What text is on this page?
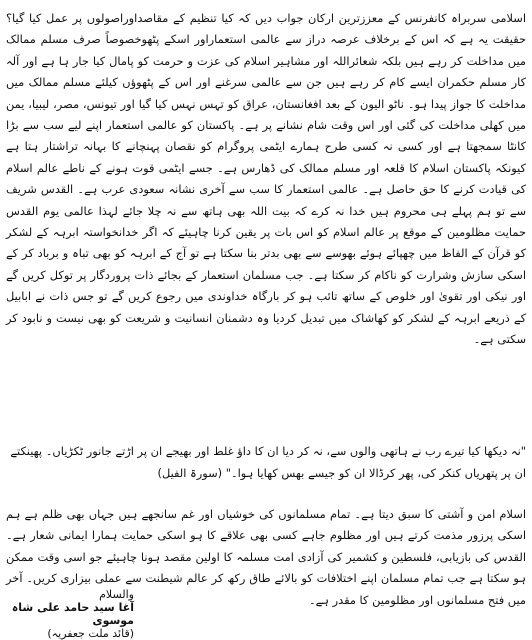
اسلامی سربراہ کانفرنس کے معززترین ارکان جواب دیں کہ کیا تنظیم کے مقاصداوراصولوں پر عمل کیا گیا؟ حقیقت یہ ہے کہ اس کے برخلاف عرصہ دراز سے عالمی استعماراور اسکے پٹھوخصوصاً صرف مسلم ممالک میں مداخلت کر رہے ہیں بلکہ شعائراللہ اور مشاہیر اسلام کی عزت و حرمت کو پامال کیا جار ہا ہے اور آلہ کار مسلم حکمران ایسے کام کر رہے ہیں جن سے عالمی سرغنے اور اس کے پٹھوؤں کیلئے مسلم ممالک میں مداخلت کا جواز پیدا ہو۔ ناٹو الیون کے بعد افغانستان، عراق کو تہس نہس کیا گیا اور تیونس، مصر، لیبیا، یمن میں کھلی مداخلت کی گئی اور اس وقت شام نشانے پر ہے۔ پاکستان کو عالمی استعمار اپنے لیے سب سے بڑا کانٹا سمجھتا ہے اور کسی نہ کسی طرح ہمارے ایٹمی پروگرام کو نقصان پہنچانے کا بہانہ تراشتار ہتا ہے کیونکہ پاکستان اسلام کا قلعہ اور مسلم ممالک کی ڈھارس ہے۔ جسے ایٹمی قوت ہونے کے ناطے عالم اسلام کی قیادت کرنے کا حق حاصل ہے۔ عالمی استعمار کا سب سے آخری نشانہ سعودی عرب ہے۔ القدس شریف سے تو ہم پہلے ہی محروم ہیں خدا نہ کرے کہ بیت اللہ بھی ہاتھ سے نہ چلا جائے لہذا عالمی یوم القدس حمایت مظلومین کے موقع پر عالم اسلام کو اس بات پر یقین کرنا چاہیئے کہ اگر خدانخواستہ ابرہہ کے لشکر کو قرآن کے الفاظ میں چھپائے ہوئے بھوسے سے بھی بدتر بنا سکتا ہے تو آج کے ابرہہ کو بھی تباہ و برباد کر کے اسکی سازش وشرارت کو ناکام کر سکتا ہے۔ جب مسلمان استعمار کے بجائے ذات پروردگار پر توکل کریں گے اور نیکی اور تقویٰ اور خلوص کے ساتھ تائب ہو کر بارگاہ خداوندی میں رجوع کریں گے تو جس ذات نے ابابیل کے ذریعے ابرہہ کے لشکر کو کھاشاک میں تبدیل کردیا وہ دشمنان انسانیت و شریعت کو بھی نیست و نابود کر سکتی ہے۔

"نہ دیکھا کیا تیرے رب نے ہاتھی والوں سے، نہ کر دیا ان کا داؤ غلط اور بھیجے ان پر اڑتے جانور ٹکڑیاں۔ پھینکتے ان پر پتھریاں کنکر کی، پھر کرڈالا ان کو جیسے بھس کھایا ہوا۔" (سورۃ الفیل)

اسلام امن و آشتی کا سبق دیتا ہے۔ تمام مسلمانوں کی خوشیاں اور غم سانجھے ہیں جہاں بھی ظلم ہے ہم اسکی پرزور مذمت کرتے ہیں اور مظلوم جاہے کسی بھی علاقے کا ہو اسکی حمایت ہمارا ایمانی شعار ہے۔ القدس کی بازیابی، فلسطین و کشمیر کی آزادی امت مسلمہ کا اولین مقصد ہونا چاہیئے جو اسی وقت ممکن ہو سکتا ہے جب تمام مسلمان اپنے اختلافات کو بالائے طاق رکھ کر عالم شیطنت سے عملی بیزاری کریں۔ آخر میں فتح مسلمانوں اور مظلومین کا مقدر ہے۔

والسلام
آغا سید حامد علی شاہ موسوی
(قائد ملت جعفریہ)
